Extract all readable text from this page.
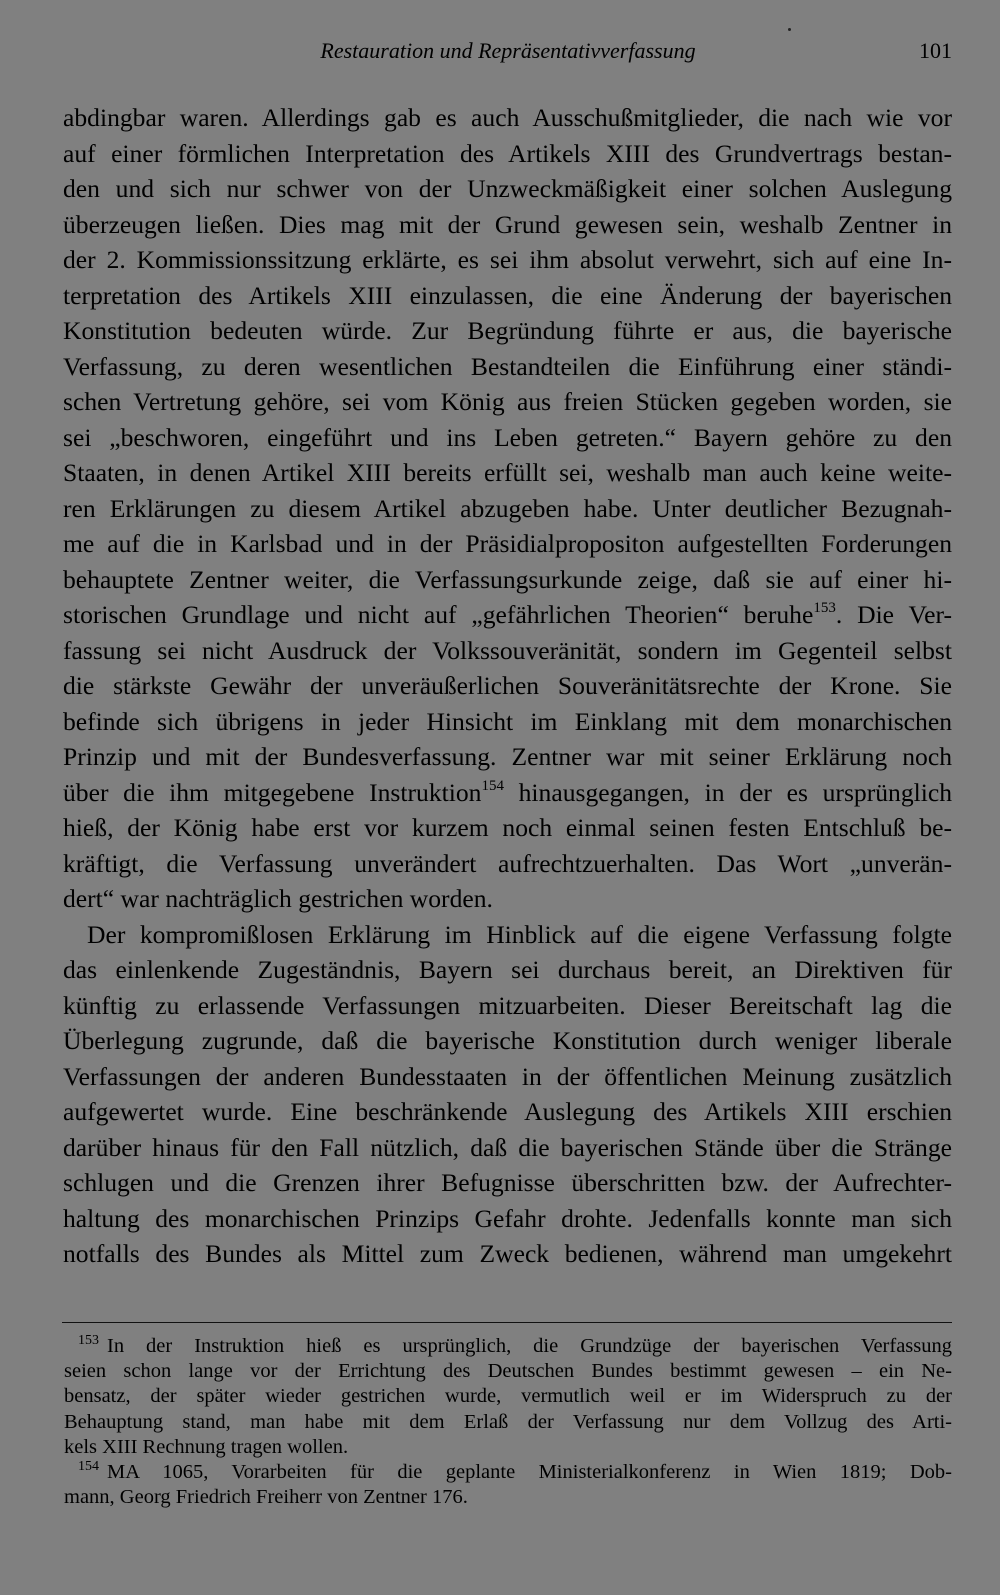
Restauration und Repräsentativverfassung	101

abdingbar waren. Allerdings gab es auch Ausschußmitglieder, die nach wie vor
auf einer förmlichen Interpretation des Artikels XIII des Grundvertrags bestan-
den und sich nur schwer von der Unzweckmäßigkeit einer solchen Auslegung
überzeugen ließen. Dies mag mit der Grund gewesen sein, weshalb Zentner in
der 2. Kommissionssitzung erklärte, es sei ihm absolut verwehrt, sich auf eine In-
terpretation des Artikels XIII einzulassen, die eine Änderung der bayerischen
Konstitution bedeuten würde. Zur Begründung führte er aus, die bayerische
Verfassung, zu deren wesentlichen Bestandteilen die Einführung einer ständi-
schen Vertretung gehöre, sei vom König aus freien Stücken gegeben worden, sie
sei „beschworen, eingeführt und ins Leben getreten.“ Bayern gehöre zu den
Staaten, in denen Artikel XIII bereits erfüllt sei, weshalb man auch keine weite-
ren Erklärungen zu diesem Artikel abzugeben habe. Unter deutlicher Bezugnah-
me auf die in Karlsbad und in der Präsidialpropositon aufgestellten Forderungen
behauptete Zentner weiter, die Verfassungsurkunde zeige, daß sie auf einer hi-
storischen Grundlage und nicht auf „gefährlichen Theorien“ beruhe$^{153}$. Die Ver-
fassung sei nicht Ausdruck der Volkssouveränität, sondern im Gegenteil selbst
die stärkste Gewähr der unveräußerlichen Souveränitätsrechte der Krone. Sie
befinde sich übrigens in jeder Hinsicht im Einklang mit dem monarchischen
Prinzip und mit der Bundesverfassung. Zentner war mit seiner Erklärung noch
über die ihm mitgegebene Instruktion$^{154}$ hinausgegangen, in der es ursprünglich
hieß, der König habe erst vor kurzem noch einmal seinen festen Entschluß be-
kräftigt, die Verfassung unverändert aufrechtzuerhalten. Das Wort „unverän-
dert“ war nachträglich gestrichen worden.

Der kompromißlosen Erklärung im Hinblick auf die eigene Verfassung folgte
das einlenkende Zugeständnis, Bayern sei durchaus bereit, an Direktiven für
künftig zu erlassende Verfassungen mitzuarbeiten. Dieser Bereitschaft lag die
Überlegung zugrunde, daß die bayerische Konstitution durch weniger liberale
Verfassungen der anderen Bundesstaaten in der öffentlichen Meinung zusätzlich
aufgewertet wurde. Eine beschränkende Auslegung des Artikels XIII erschien
darüber hinaus für den Fall nützlich, daß die bayerischen Stände über die Stränge
schlugen und die Grenzen ihrer Befugnisse überschritten bzw. der Aufrechter-
haltung des monarchischen Prinzips Gefahr drohte. Jedenfalls konnte man sich
notfalls des Bundes als Mittel zum Zweck bedienen, während man umgekehrt

$^{153}$ In der Instruktion hieß es ursprünglich, die Grundzüge der bayerischen Verfassung
seien schon lange vor der Errichtung des Deutschen Bundes bestimmt gewesen – ein Ne-
bensatz, der später wieder gestrichen wurde, vermutlich weil er im Widerspruch zu der
Behauptung stand, man habe mit dem Erlaß der Verfassung nur dem Vollzug des Arti-
kels XIII Rechnung tragen wollen.
$^{154}$ MA 1065, Vorarbeiten für die geplante Ministerialkonferenz in Wien 1819; Dob-
mann, Georg Friedrich Freiherr von Zentner 176.
